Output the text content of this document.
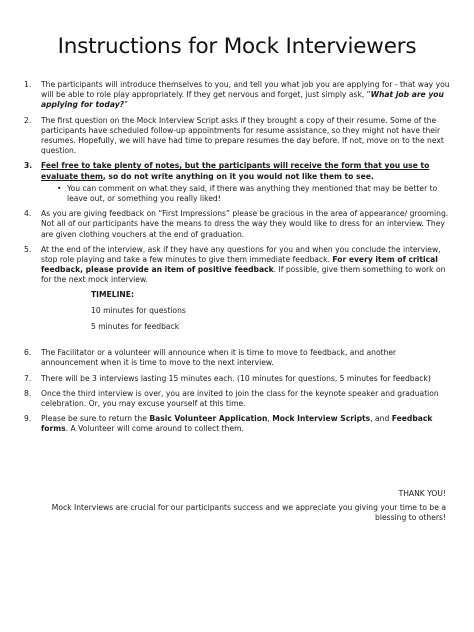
Instructions for Mock Interviewers
1. The participants will introduce themselves to you, and tell you what job you are applying for - that way you will be able to role play appropriately. If they get nervous and forget, just simply ask, “What job are you applying for today?”
2. The first question on the Mock Interview Script asks if they brought a copy of their resume. Some of the participants have scheduled follow-up appointments for resume assistance, so they might not have their resumes. Hopefully, we will have had time to prepare resumes the day before. If not, move on to the next question.
3. Feel free to take plenty of notes, but the participants will receive the form that you use to evaluate them, so do not write anything on it you would not like them to see.
• You can comment on what they said, if there was anything they mentioned that may be better to leave out, or something you really liked!
4. As you are giving feedback on “First Impressions” please be gracious in the area of appearance/ grooming. Not all of our participants have the means to dress the way they would like to dress for an interview. They are given clothing vouchers at the end of graduation.
5. At the end of the interview, ask if they have any questions for you and when you conclude the interview, stop role playing and take a few minutes to give them immediate feedback. For every item of critical feedback, please provide an item of positive feedback. If possible, give them something to work on for the next mock interview.
TIMELINE:
10 minutes for questions
5 minutes for feedback
6. The Facilitator or a volunteer will announce when it is time to move to feedback, and another announcement when it is time to move to the next interview.
7. There will be 3 interviews lasting 15 minutes each. (10 minutes for questions, 5 minutes for feedback)
8. Once the third interview is over, you are invited to join the class for the keynote speaker and graduation celebration. Or, you may excuse yourself at this time.
9. Please be sure to return the Basic Volunteer Application, Mock Interview Scripts, and Feedback forms. A Volunteer will come around to collect them.
THANK YOU!
Mock Interviews are crucial for our participants success and we appreciate you giving your time to be a blessing to others!
